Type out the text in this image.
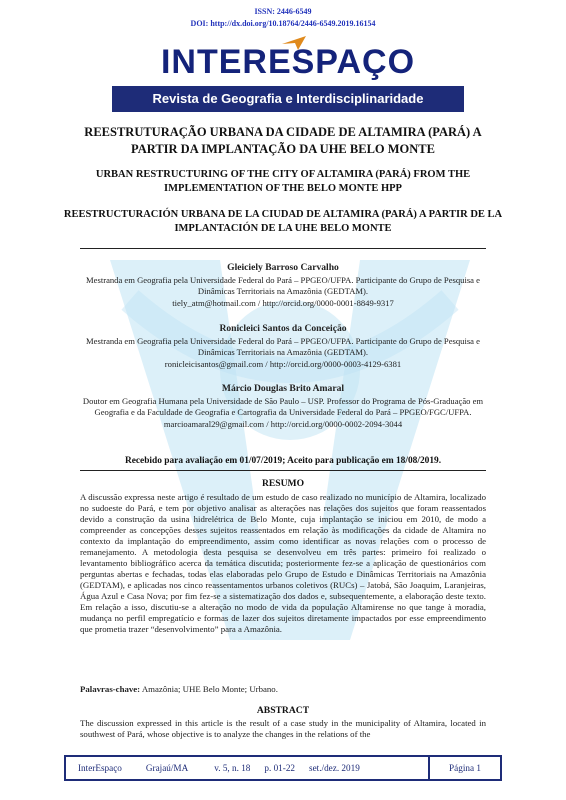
ISSN: 2446-6549
DOI: http://dx.doi.org/10.18764/2446-6549.2019.16154
INTERESPAÇO
Revista de Geografia e Interdisciplinaridade
REESTRUTURAÇÃO URBANA DA CIDADE DE ALTAMIRA (PARÁ) A PARTIR DA IMPLANTAÇÃO DA UHE BELO MONTE
URBAN RESTRUCTURING OF THE CITY OF ALTAMIRA (PARÁ) FROM THE IMPLEMENTATION OF THE BELO MONTE HPP
REESTRUCTURACIÓN URBANA DE LA CIUDAD DE ALTAMIRA (PARÁ) A PARTIR DE LA IMPLANTACIÓN DE LA UHE BELO MONTE
Gleiciely Barroso Carvalho
Mestranda em Geografia pela Universidade Federal do Pará – PPGEO/UFPA. Participante do Grupo de Pesquisa e Dinâmicas Territoriais na Amazônia (GEDTAM).
tiely_atm@hotmail.com / http://orcid.org/0000-0001-8849-9317
Ronicleici Santos da Conceição
Mestranda em Geografia pela Universidade Federal do Pará – PPGEO/UFPA. Participante do Grupo de Pesquisa e Dinâmicas Territoriais na Amazônia (GEDTAM).
ronicleicisantos@gmail.com / http://orcid.org/0000-0003-4129-6381
Márcio Douglas Brito Amaral
Doutor em Geografia Humana pela Universidade de São Paulo – USP. Professor do Programa de Pós-Graduação em Geografia e da Faculdade de Geografia e Cartografia da Universidade Federal do Pará – PPGEO/FGC/UFPA.
marcioamaral29@gmail.com / http://orcid.org/0000-0002-2094-3044
Recebido para avaliação em 01/07/2019; Aceito para publicação em 18/08/2019.
RESUMO
A discussão expressa neste artigo é resultado de um estudo de caso realizado no município de Altamira, localizado no sudoeste do Pará, e tem por objetivo analisar as alterações nas relações dos sujeitos que foram reassentados devido a construção da usina hidrelétrica de Belo Monte, cuja implantação se iniciou em 2010, de modo a compreender as concepções desses sujeitos reassentados em relação às modificações da cidade de Altamira no contexto da implantação do empreendimento, assim como identificar as novas relações com o processo de remanejamento. A metodologia desta pesquisa se desenvolveu em três partes: primeiro foi realizado o levantamento bibliográfico acerca da temática discutida; posteriormente fez-se a aplicação de questionários com perguntas abertas e fechadas, todas elas elaboradas pelo Grupo de Estudo e Dinâmicas Territoriais na Amazônia (GEDTAM), e aplicadas nos cinco reassentamentos urbanos coletivos (RUCs) – Jatobá, São Joaquim, Laranjeiras, Água Azul e Casa Nova; por fim fez-se a sistematização dos dados e, subsequentemente, a elaboração deste texto. Em relação a isso, discutiu-se a alteração no modo de vida da população Altamirense no que tange à moradia, mudança no perfil empregatício e formas de lazer dos sujeitos diretamente impactados por esse empreendimento que prometia trazer “desenvolvimento” para a Amazônia.
Palavras-chave: Amazônia; UHE Belo Monte; Urbano.
ABSTRACT
The discussion expressed in this article is the result of a case study in the municipality of Altamira, located in southwest of Pará, whose objective is to analyze the changes in the relations of the
InterEspaço	Grajaú/MA	v. 5, n. 18 p. 01-22 set./dez. 2019	Página 1
